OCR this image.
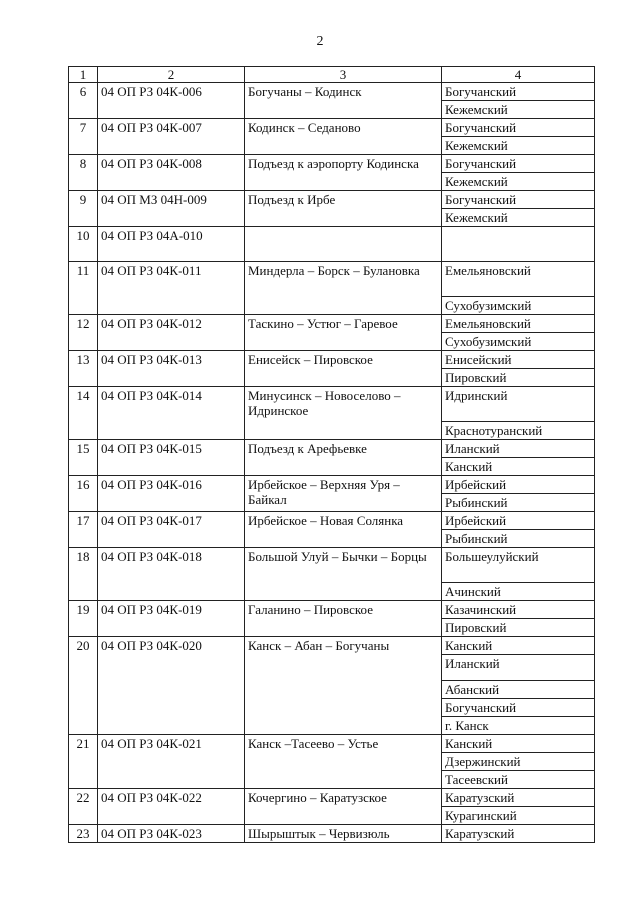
2
1	2	3	4
6	04 ОП РЗ 04К-006	Богучаны – Кодинск	Богучанский
			Кежемский
7	04 ОП РЗ 04К-007	Кодинск – Седаново	Богучанский
			Кежемский
8	04 ОП РЗ 04К-008	Подъезд к аэропорту Кодинска	Богучанский
			Кежемский
9	04 ОП МЗ 04Н-009	Подъезд к Ирбе	Богучанский
			Кежемский
10	04 ОП РЗ 04А-010		
11	04 ОП РЗ 04К-011	Миндерла – Борск – Булановка	Емельяновский
			Сухобузимский
12	04 ОП РЗ 04К-012	Таскино – Устюг – Гаревое	Емельяновский
			Сухобузимский
13	04 ОП РЗ 04К-013	Енисейск – Пировское	Енисейский
			Пировский
14	04 ОП РЗ 04К-014	Минусинск – Новоселово – Идринское	Идринский
			Краснотуранский
15	04 ОП РЗ 04К-015	Подъезд к Арефьевке	Иланский
			Канский
16	04 ОП РЗ 04К-016	Ирбейское – Верхняя Уря – Байкал	Ирбейский
			Рыбинский
17	04 ОП РЗ 04К-017	Ирбейское – Новая Солянка	Ирбейский
			Рыбинский
18	04 ОП РЗ 04К-018	Большой Улуй – Бычки – Борцы	Большеулуйский
			Ачинский
19	04 ОП РЗ 04К-019	Галанино – Пировское	Казачинский
			Пировский
20	04 ОП РЗ 04К-020	Канск – Абан – Богучаны	Канский
			Иланский
			Абанский
			Богучанский
			г. Канск
21	04 ОП РЗ 04К-021	Канск –Тасеево – Устье	Канский
			Дзержинский
			Тасеевский
22	04 ОП РЗ 04К-022	Кочергино – Каратузское	Каратузский
			Курагинский
23	04 ОП РЗ 04К-023	Шырыштык – Червизюль	Каратузский
